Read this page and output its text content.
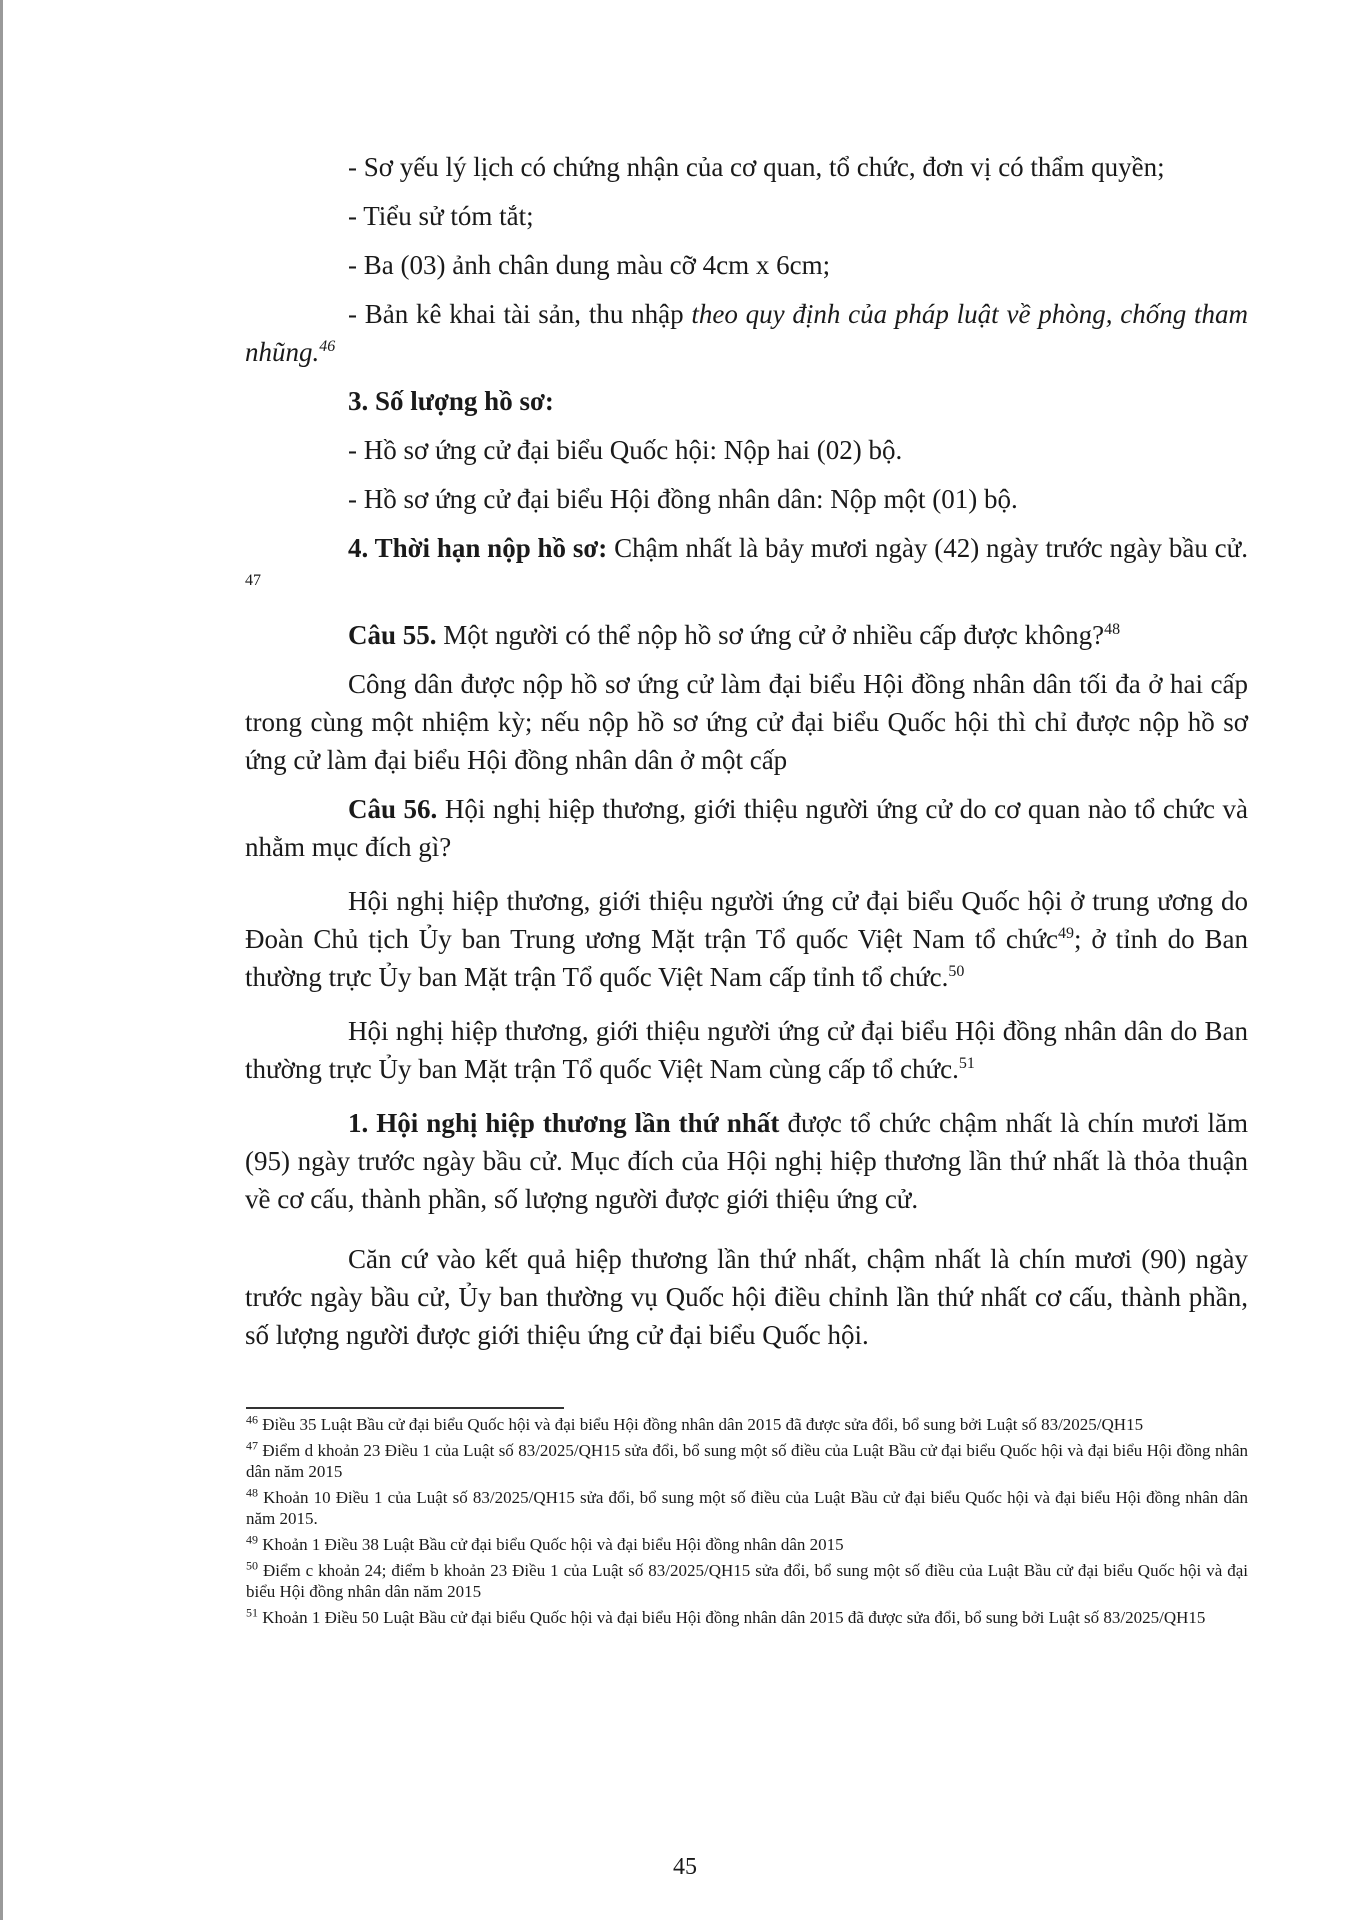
- Sơ yếu lý lịch có chứng nhận của cơ quan, tổ chức, đơn vị có thẩm quyền;

- Tiểu sử tóm tắt;

- Ba (03) ảnh chân dung màu cỡ 4cm x 6cm;

- Bản kê khai tài sản, thu nhập theo quy định của pháp luật về phòng, chống tham nhũng.$^{46}$

3. Số lượng hồ sơ:

- Hồ sơ ứng cử đại biểu Quốc hội: Nộp hai (02) bộ.

- Hồ sơ ứng cử đại biểu Hội đồng nhân dân: Nộp một (01) bộ.

4. Thời hạn nộp hồ sơ: Chậm nhất là bảy mươi ngày (42) ngày trước ngày bầu cử. $^{47}$

Câu 55. Một người có thể nộp hồ sơ ứng cử ở nhiều cấp được không?$^{48}$

Công dân được nộp hồ sơ ứng cử làm đại biểu Hội đồng nhân dân tối đa ở hai cấp trong cùng một nhiệm kỳ; nếu nộp hồ sơ ứng cử đại biểu Quốc hội thì chỉ được nộp hồ sơ ứng cử làm đại biểu Hội đồng nhân dân ở một cấp

Câu 56. Hội nghị hiệp thương, giới thiệu người ứng cử do cơ quan nào tổ chức và nhằm mục đích gì?

Hội nghị hiệp thương, giới thiệu người ứng cử đại biểu Quốc hội ở trung ương do Đoàn Chủ tịch Ủy ban Trung ương Mặt trận Tổ quốc Việt Nam tổ chức$^{49}$; ở tỉnh do Ban thường trực Ủy ban Mặt trận Tổ quốc Việt Nam cấp tỉnh tổ chức.$^{50}$

Hội nghị hiệp thương, giới thiệu người ứng cử đại biểu Hội đồng nhân dân do Ban thường trực Ủy ban Mặt trận Tổ quốc Việt Nam cùng cấp tổ chức.$^{51}$

1. Hội nghị hiệp thương lần thứ nhất được tổ chức chậm nhất là chín mươi lăm (95) ngày trước ngày bầu cử. Mục đích của Hội nghị hiệp thương lần thứ nhất là thỏa thuận về cơ cấu, thành phần, số lượng người được giới thiệu ứng cử.

Căn cứ vào kết quả hiệp thương lần thứ nhất, chậm nhất là chín mươi (90) ngày trước ngày bầu cử, Ủy ban thường vụ Quốc hội điều chỉnh lần thứ nhất cơ cấu, thành phần, số lượng người được giới thiệu ứng cử đại biểu Quốc hội.

$^{46}$ Điều 35 Luật Bầu cử đại biểu Quốc hội và đại biểu Hội đồng nhân dân 2015 đã được sửa đổi, bổ sung bởi Luật số 83/2025/QH15

$^{47}$ Điểm d khoản 23 Điều 1 của Luật số 83/2025/QH15 sửa đổi, bổ sung một số điều của Luật Bầu cử đại biểu Quốc hội và đại biểu Hội đồng nhân dân năm 2015

$^{48}$ Khoản 10 Điều 1 của Luật số 83/2025/QH15 sửa đổi, bổ sung một số điều của Luật Bầu cử đại biểu Quốc hội và đại biểu Hội đồng nhân dân năm 2015.

$^{49}$ Khoản 1 Điều 38 Luật Bầu cử đại biểu Quốc hội và đại biểu Hội đồng nhân dân 2015

$^{50}$ Điểm c khoản 24; điểm b khoản 23 Điều 1 của Luật số 83/2025/QH15 sửa đổi, bổ sung một số điều của Luật Bầu cử đại biểu Quốc hội và đại biểu Hội đồng nhân dân năm 2015

$^{51}$ Khoản 1 Điều 50 Luật Bầu cử đại biểu Quốc hội và đại biểu Hội đồng nhân dân 2015 đã được sửa đổi, bổ sung bởi Luật số 83/2025/QH15

45
